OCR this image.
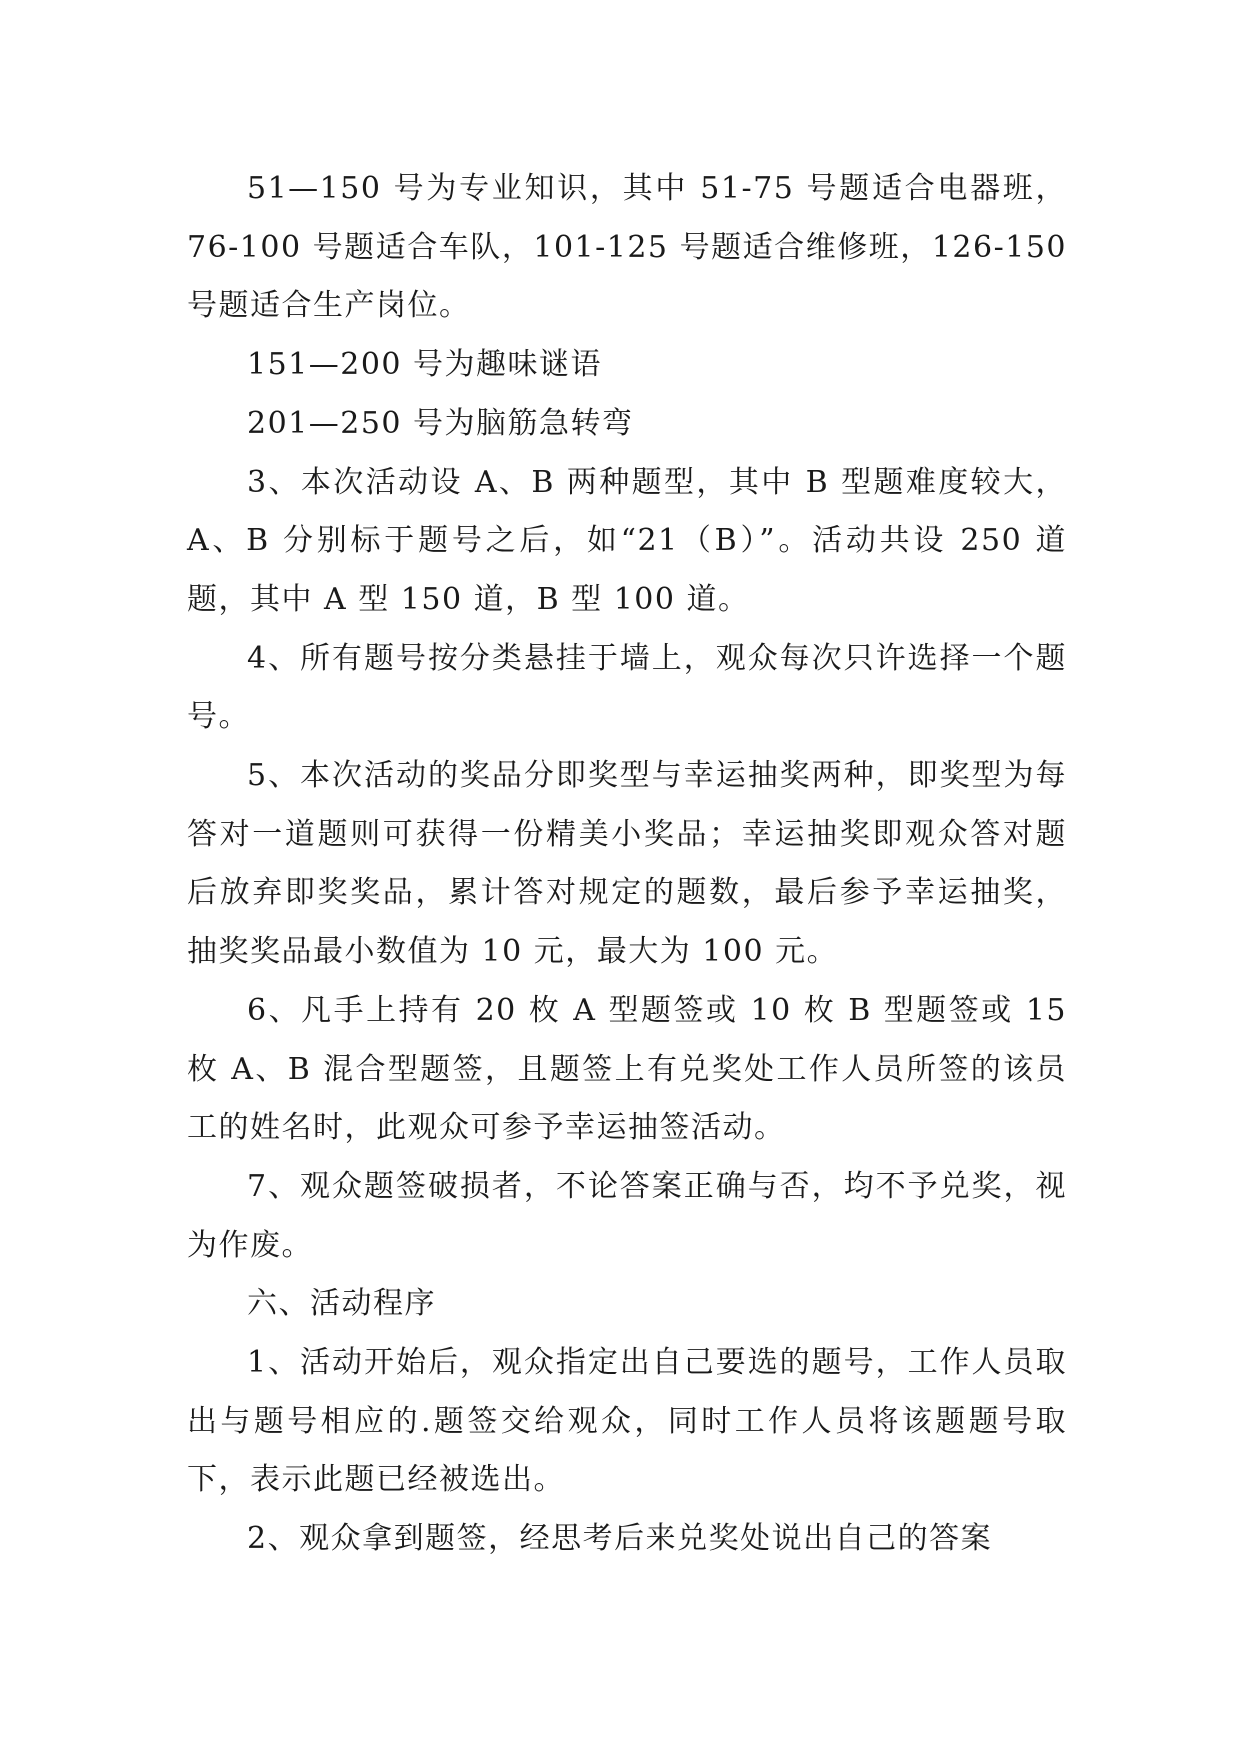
51—150 号为专业知识，其中 51-75 号题适合电器班，76-100 号题适合车队，101-125 号题适合维修班，126-150 号题适合生产岗位。

151—200 号为趣味谜语

201—250 号为脑筋急转弯

3、本次活动设 A、B 两种题型，其中 B 型题难度较大，A、B 分别标于题号之后，如“21（B）”。活动共设 250 道题，其中 A 型 150 道，B 型 100 道。

4、所有题号按分类悬挂于墙上，观众每次只许选择一个题号。

5、本次活动的奖品分即奖型与幸运抽奖两种，即奖型为每答对一道题则可获得一份精美小奖品；幸运抽奖即观众答对题后放弃即奖奖品，累计答对规定的题数，最后参予幸运抽奖，抽奖奖品最小数值为 10 元，最大为 100 元。

6、凡手上持有 20 枚 A 型题签或 10 枚 B 型题签或 15 枚 A、B 混合型题签，且题签上有兑奖处工作人员所签的该员工的姓名时，此观众可参予幸运抽签活动。

7、观众题签破损者，不论答案正确与否，均不予兑奖，视为作废。

六、活动程序

1、活动开始后，观众指定出自己要选的题号，工作人员取出与题号相应的.题签交给观众，同时工作人员将该题题号取下，表示此题已经被选出。

2、观众拿到题签，经思考后来兑奖处说出自己的答案
